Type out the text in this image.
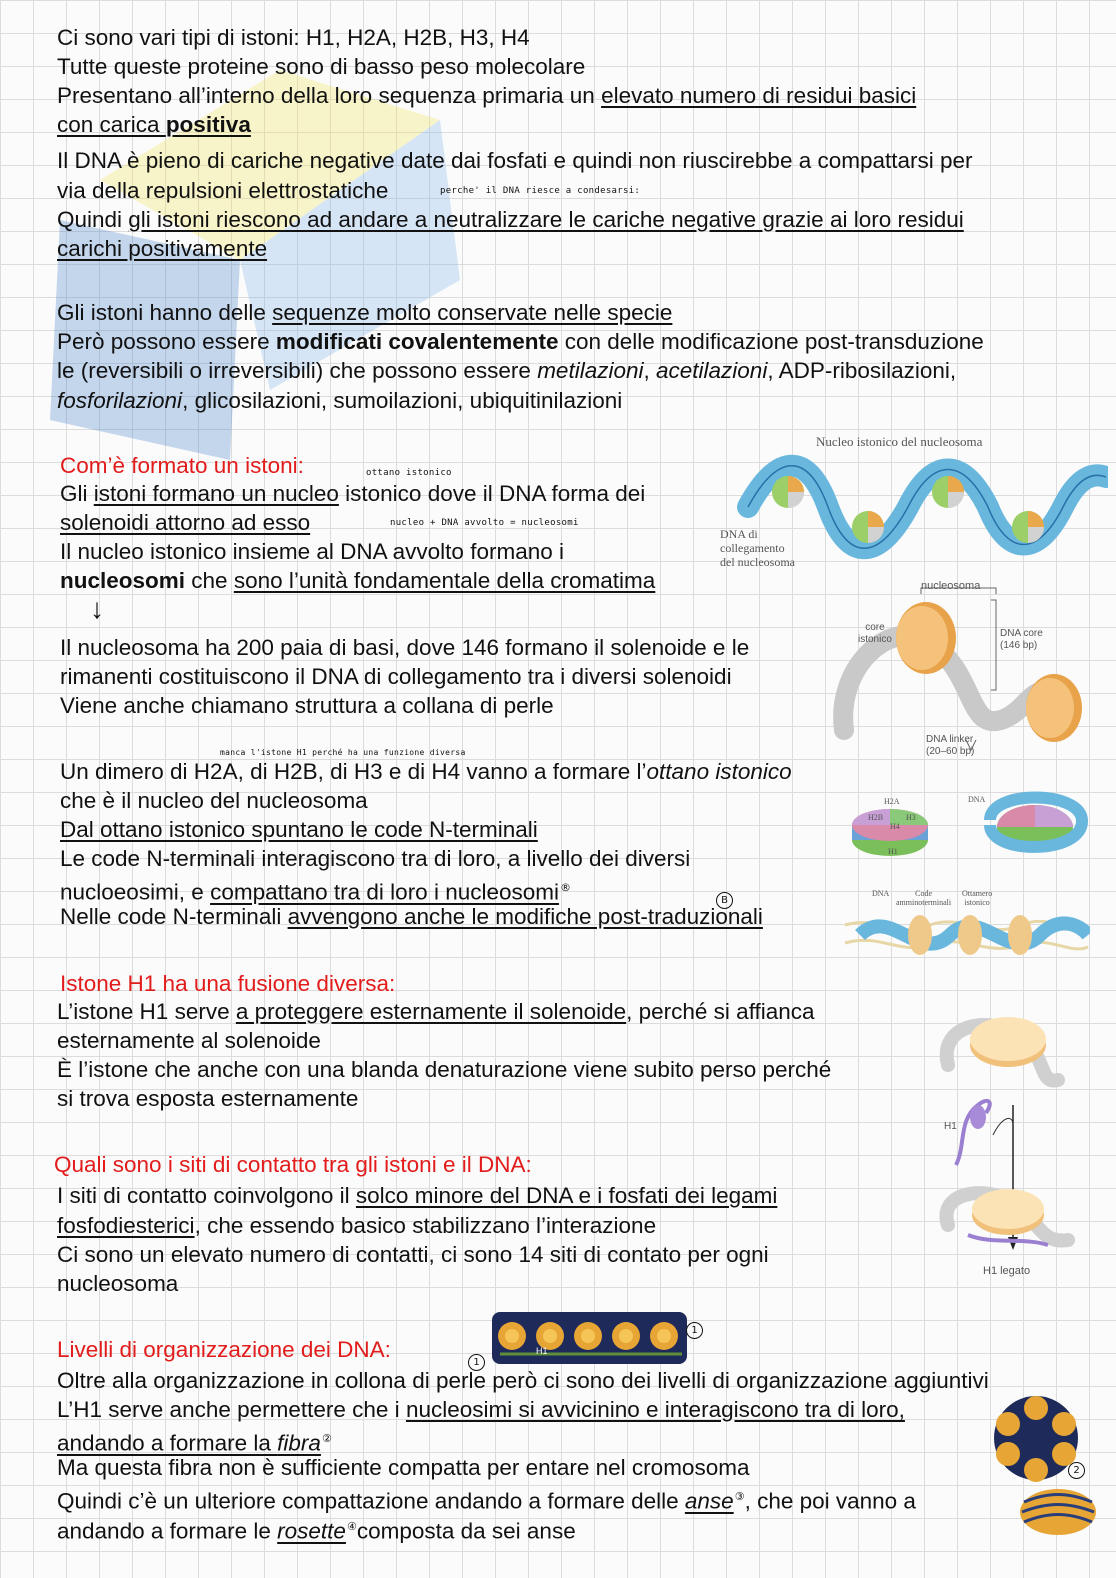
Ci sono vari tipi di istoni: H1, H2A, H2B, H3, H4
Tutte queste proteine sono di basso peso molecolare
Presentano all’interno della loro sequenza primaria un elevato numero di residui basici
con carica positiva
Il DNA è pieno di cariche negative date dai fosfati e quindi non riuscirebbe a compattarsi per
via della repulsioni elettrostatiche	perche' il DNA riesce a condesarsi:
Quindi gli istoni riescono ad andare a neutralizzare le cariche negative grazie ai loro residui
carichi positivamente
Gli istoni hanno delle sequenze molto conservate nelle specie
Però possono essere modificati covalentemente con delle modificazione post-transduzione
le (reversibili o irreversibili) che possono essere metilazioni, acetilazioni, ADP-ribosilazioni,
fosforilazioni, glicosilazioni, sumoilazioni, ubiquitinilazioni
Com’è formato un istoni:	ottano istonico
Gli istoni formano un nucleo istonico dove il DNA forma dei
solenoidi attorno ad esso	nucleo + DNA avvolto = nucleosomi
Il nucleo istonico insieme al DNA avvolto formano i
nucleosomi che sono l’unità fondamentale della cromatima
↓
Il nucleosoma ha 200 paia di basi, dove 146 formano il solenoide e le
rimanenti costituiscono il DNA di collegamento tra i diversi solenoidi
Viene anche chiamano struttura a collana di perle
manca l'istone H1 perché ha una funzione diversa
Un dimero di H2A, di H2B, di H3 e di H4 vanno a formare l’ottano istonico
che è il nucleo del nucleosoma
Dal ottano istonico spuntano le code N-terminali
Le code N-terminali interagiscono tra di loro, a livello dei diversi
nucloeosimi, e compattano tra di loro i nucleosomi®
B
Nelle code N-terminali avvengono anche le modifiche post-traduzionali
Istone H1 ha una fusione diversa:
L’istone H1 serve a proteggere esternamente il solenoide, perché si affianca
esternamente al solenoide
È l’istone che anche con una blanda denaturazione viene subito perso perché
si trova esposta esternamente
Quali sono i siti di contatto tra gli istoni e il DNA:
I siti di contatto coinvolgono il solco minore del DNA e i fosfati dei legami
fosfodiesterici, che essendo basico stabilizzano l’interazione
Ci sono un elevato numero di contatti, ci sono 14 siti di contato per ogni
nucleosoma
Livelli di organizzazione dei DNA:
1
Oltre alla organizzazione in collona di perle però ci sono dei livelli di organizzazione aggiuntivi
L’H1 serve anche permettere che i nucleosimi si avvicinino e interagiscono tra di loro,
andando a formare la fibra②
Ma questa fibra non è sufficiente compatta per entare nel cromosoma
Quindi c’è un ulteriore compattazione andando a formare delle anse③, che poi vanno a
andando a formare le rosette④composta da sei anse
Nucleo istonico del nucleosoma
DNA di
collegamento
del nucleosoma
nucleosoma
core
istonico
DNA core
(146 bp)
DNA linker
(20–60 bp)
H2A
H2B	H3
H4
H1
DNA
DNA	Code
amminoterminali
Ottamero
istonico
H1
H1 legato
H1
1
2
